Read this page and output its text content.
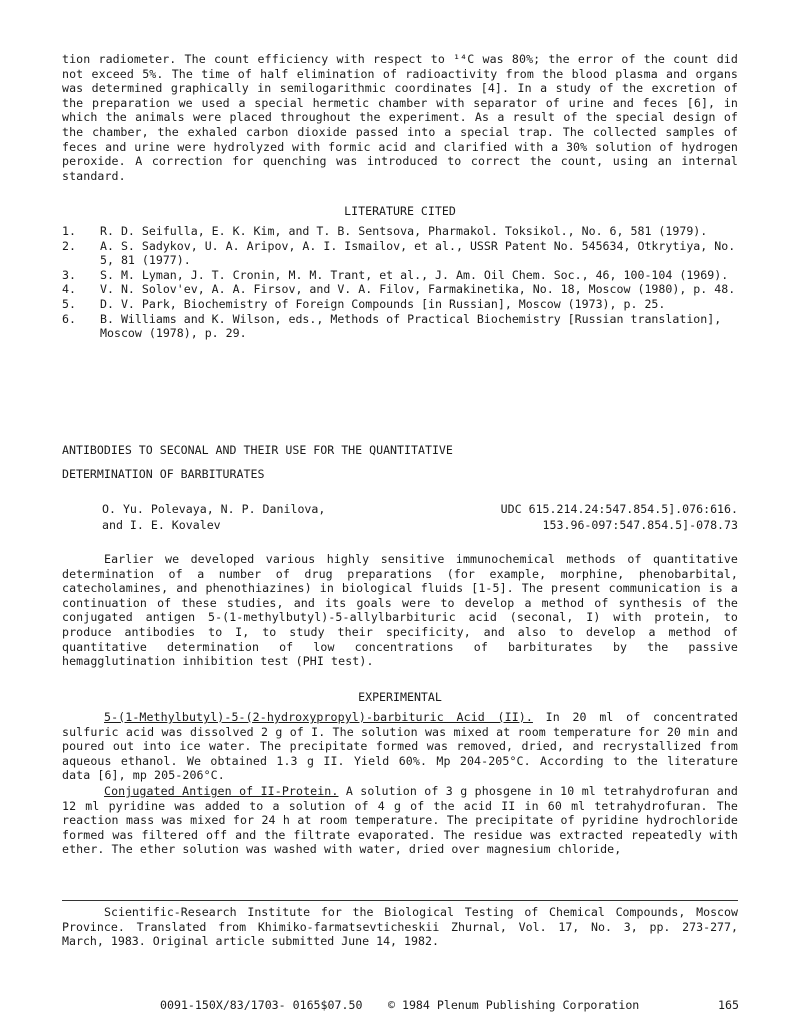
tion radiometer. The count efficiency with respect to ¹⁴C was 80%; the error of the count did not exceed 5%. The time of half elimination of radioactivity from the blood plasma and organs was determined graphically in semilogarithmic coordinates [4]. In a study of the excretion of the preparation we used a special hermetic chamber with separator of urine and feces [6], in which the animals were placed throughout the experiment. As a result of the special design of the chamber, the exhaled carbon dioxide passed into a special trap. The collected samples of feces and urine were hydrolyzed with formic acid and clarified with a 30% solution of hydrogen peroxide. A correction for quenching was introduced to correct the count, using an internal standard.
LITERATURE CITED
1.	R. D. Seifulla, E. K. Kim, and T. B. Sentsova, Pharmakol. Toksikol., No. 6, 581 (1979).
2.	A. S. Sadykov, U. A. Aripov, A. I. Ismailov, et al., USSR Patent No. 545634, Otkrytiya, No. 5, 81 (1977).
3.	S. M. Lyman, J. T. Cronin, M. M. Trant, et al., J. Am. Oil Chem. Soc., 46, 100-104 (1969).
4.	V. N. Solov'ev, A. A. Firsov, and V. A. Filov, Farmakinetika, No. 18, Moscow (1980), p. 48.
5.	D. V. Park, Biochemistry of Foreign Compounds [in Russian], Moscow (1973), p. 25.
6.	B. Williams and K. Wilson, eds., Methods of Practical Biochemistry [Russian translation], Moscow (1978), p. 29.
ANTIBODIES TO SECONAL AND THEIR USE FOR THE QUANTITATIVE
DETERMINATION OF BARBITURATES
O. Yu. Polevaya, N. P. Danilova,
and I. E. Kovalev
UDC 615.214.24:547.854.5].076:616.
153.96-097:547.854.5]-078.73
Earlier we developed various highly sensitive immunochemical methods of quantitative determination of a number of drug preparations (for example, morphine, phenobarbital, catecholamines, and phenothiazines) in biological fluids [1-5]. The present communication is a continuation of these studies, and its goals were to develop a method of synthesis of the conjugated antigen 5-(1-methylbutyl)-5-allylbarbituric acid (seconal, I) with protein, to produce antibodies to I, to study their specificity, and also to develop a method of quantitative determination of low concentrations of barbiturates by the passive hemagglutination inhibition test (PHI test).
EXPERIMENTAL
5-(1-Methylbutyl)-5-(2-hydroxypropyl)-barbituric Acid (II). In 20 ml of concentrated sulfuric acid was dissolved 2 g of I. The solution was mixed at room temperature for 20 min and poured out into ice water. The precipitate formed was removed, dried, and recrystallized from aqueous ethanol. We obtained 1.3 g II. Yield 60%. Mp 204-205°C. According to the literature data [6], mp 205-206°C.
Conjugated Antigen of II-Protein. A solution of 3 g phosgene in 10 ml tetrahydrofuran and 12 ml pyridine was added to a solution of 4 g of the acid II in 60 ml tetrahydrofuran. The reaction mass was mixed for 24 h at room temperature. The precipitate of pyridine hydrochloride formed was filtered off and the filtrate evaporated. The residue was extracted repeatedly with ether. The ether solution was washed with water, dried over magnesium chloride,
Scientific-Research Institute for the Biological Testing of Chemical Compounds, Moscow Province. Translated from Khimiko-farmatsevticheskii Zhurnal, Vol. 17, No. 3, pp. 273-277, March, 1983. Original article submitted June 14, 1982.
0091-150X/83/1703- 0165$07.50 © 1984 Plenum Publishing Corporation	165
